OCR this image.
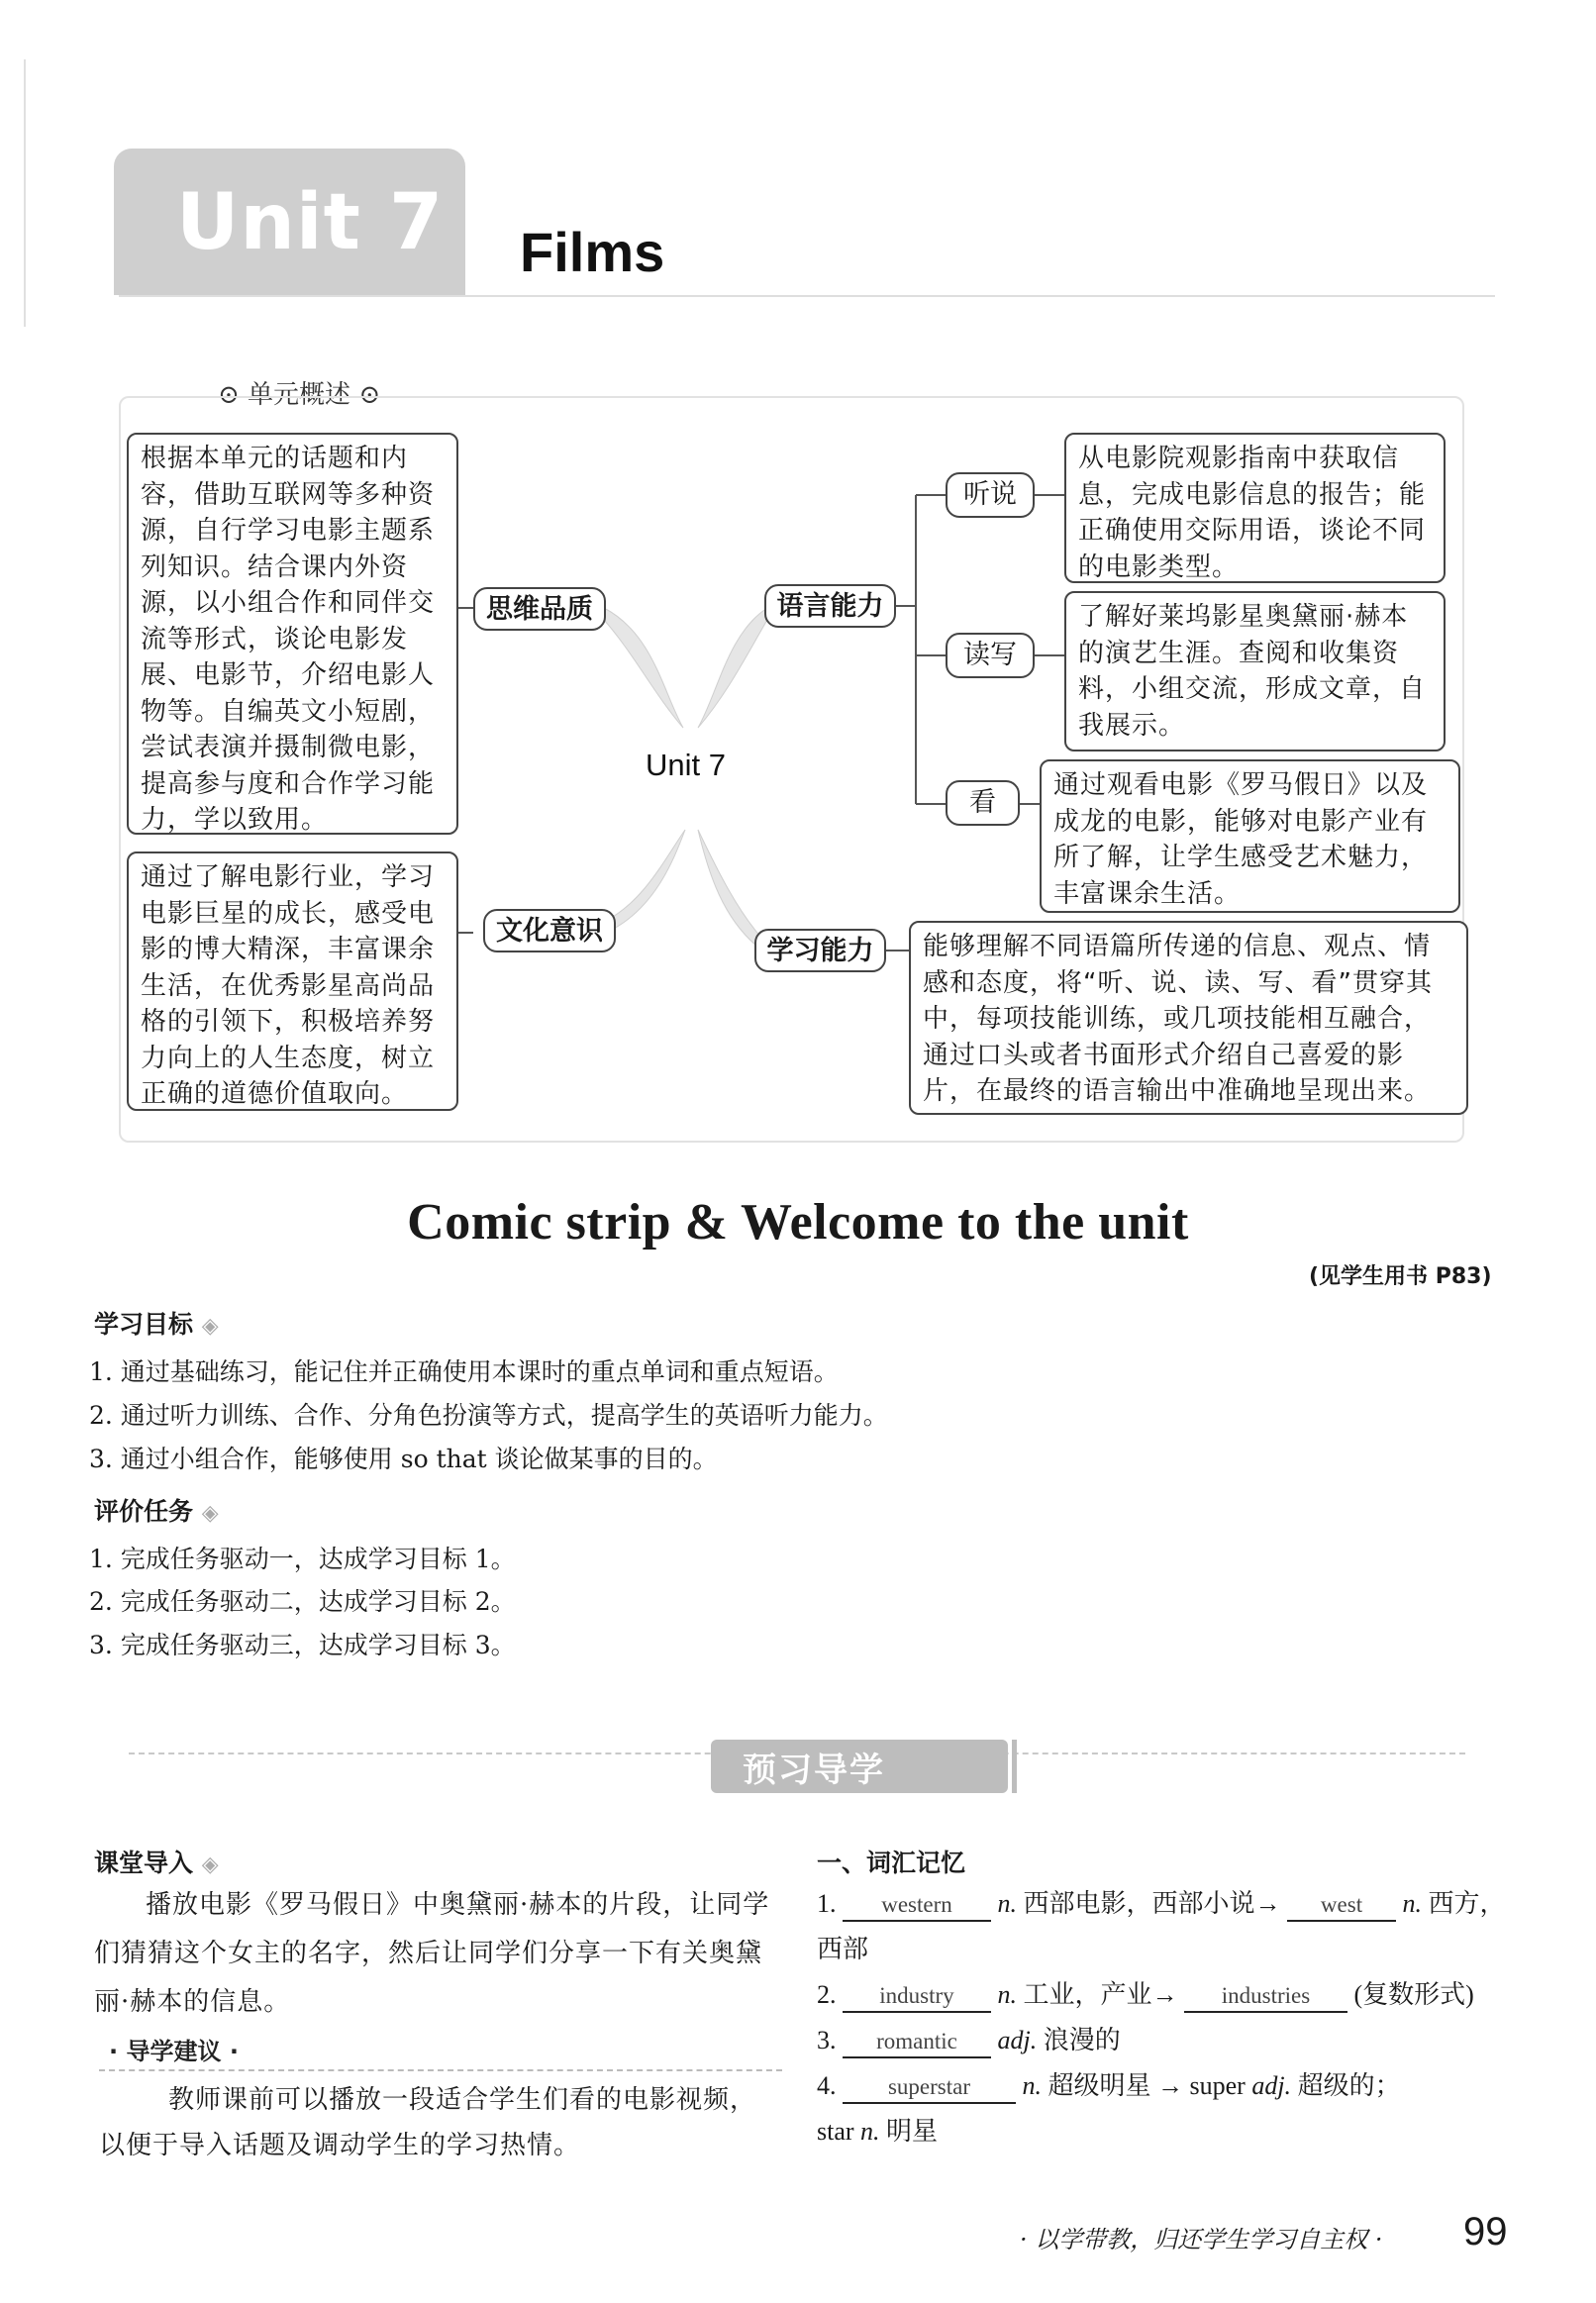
Unit 7 Films
⊙ 单元概述 ⊙
根据本单元的话题和内容，借助互联网等多种资源，自行学习电影主题系列知识。结合课内外资源，以小组合作和同伴交流等形式，谈论电影发展、电影节，介绍电影人物等。自编英文小短剧，尝试表演并摄制微电影，提高参与度和合作学习能力，学以致用。
通过了解电影行业，学习电影巨星的成长，感受电影的博大精深，丰富课余生活，在优秀影星高尚品格的引领下，积极培养努力向上的人生态度，树立正确的道德价值取向。
思维品质
文化意识
语言能力
学习能力
Unit 7
听说
读写
看
从电影院观影指南中获取信息，完成电影信息的报告；能正确使用交际用语，谈论不同的电影类型。
了解好莱坞影星奥黛丽·赫本的演艺生涯。查阅和收集资料，小组交流，形成文章，自我展示。
通过观看电影《罗马假日》以及成龙的电影，能够对电影产业有所了解，让学生感受艺术魅力，丰富课余生活。
能够理解不同语篇所传递的信息、观点、情感和态度，将“听、说、读、写、看”贯穿其中，每项技能训练，或几项技能相互融合，通过口头或者书面形式介绍自己喜爱的影片，在最终的语言输出中准确地呈现出来。
Comic strip & Welcome to the unit
(见学生用书 P83)
学习目标 ◈
1. 通过基础练习，能记住并正确使用本课时的重点单词和重点短语。
2. 通过听力训练、合作、分角色扮演等方式，提高学生的英语听力能力。
3. 通过小组合作，能够使用 so that 谈论做某事的目的。
评价任务 ◈
1. 完成任务驱动一，达成学习目标 1。
2. 完成任务驱动二，达成学习目标 2。
3. 完成任务驱动三，达成学习目标 3。
预习导学
课堂导入 ◈
播放电影《罗马假日》中奥黛丽·赫本的片段，让同学们猜猜这个女主的名字，然后让同学们分享一下有关奥黛丽·赫本的信息。
· 导学建议 ·
教师课前可以播放一段适合学生们看的电影视频，以便于导入话题及调动学生的学习热情。
一、词汇记忆
1. western n. 西部电影，西部小说→ west n. 西方，西部
2. industry n. 工业，产业→ industries (复数形式)
3. romantic adj. 浪漫的
4. superstar n. 超级明星 → super adj. 超级的；
star n. 明星
· 以学带教，归还学生学习自主权 · 99
